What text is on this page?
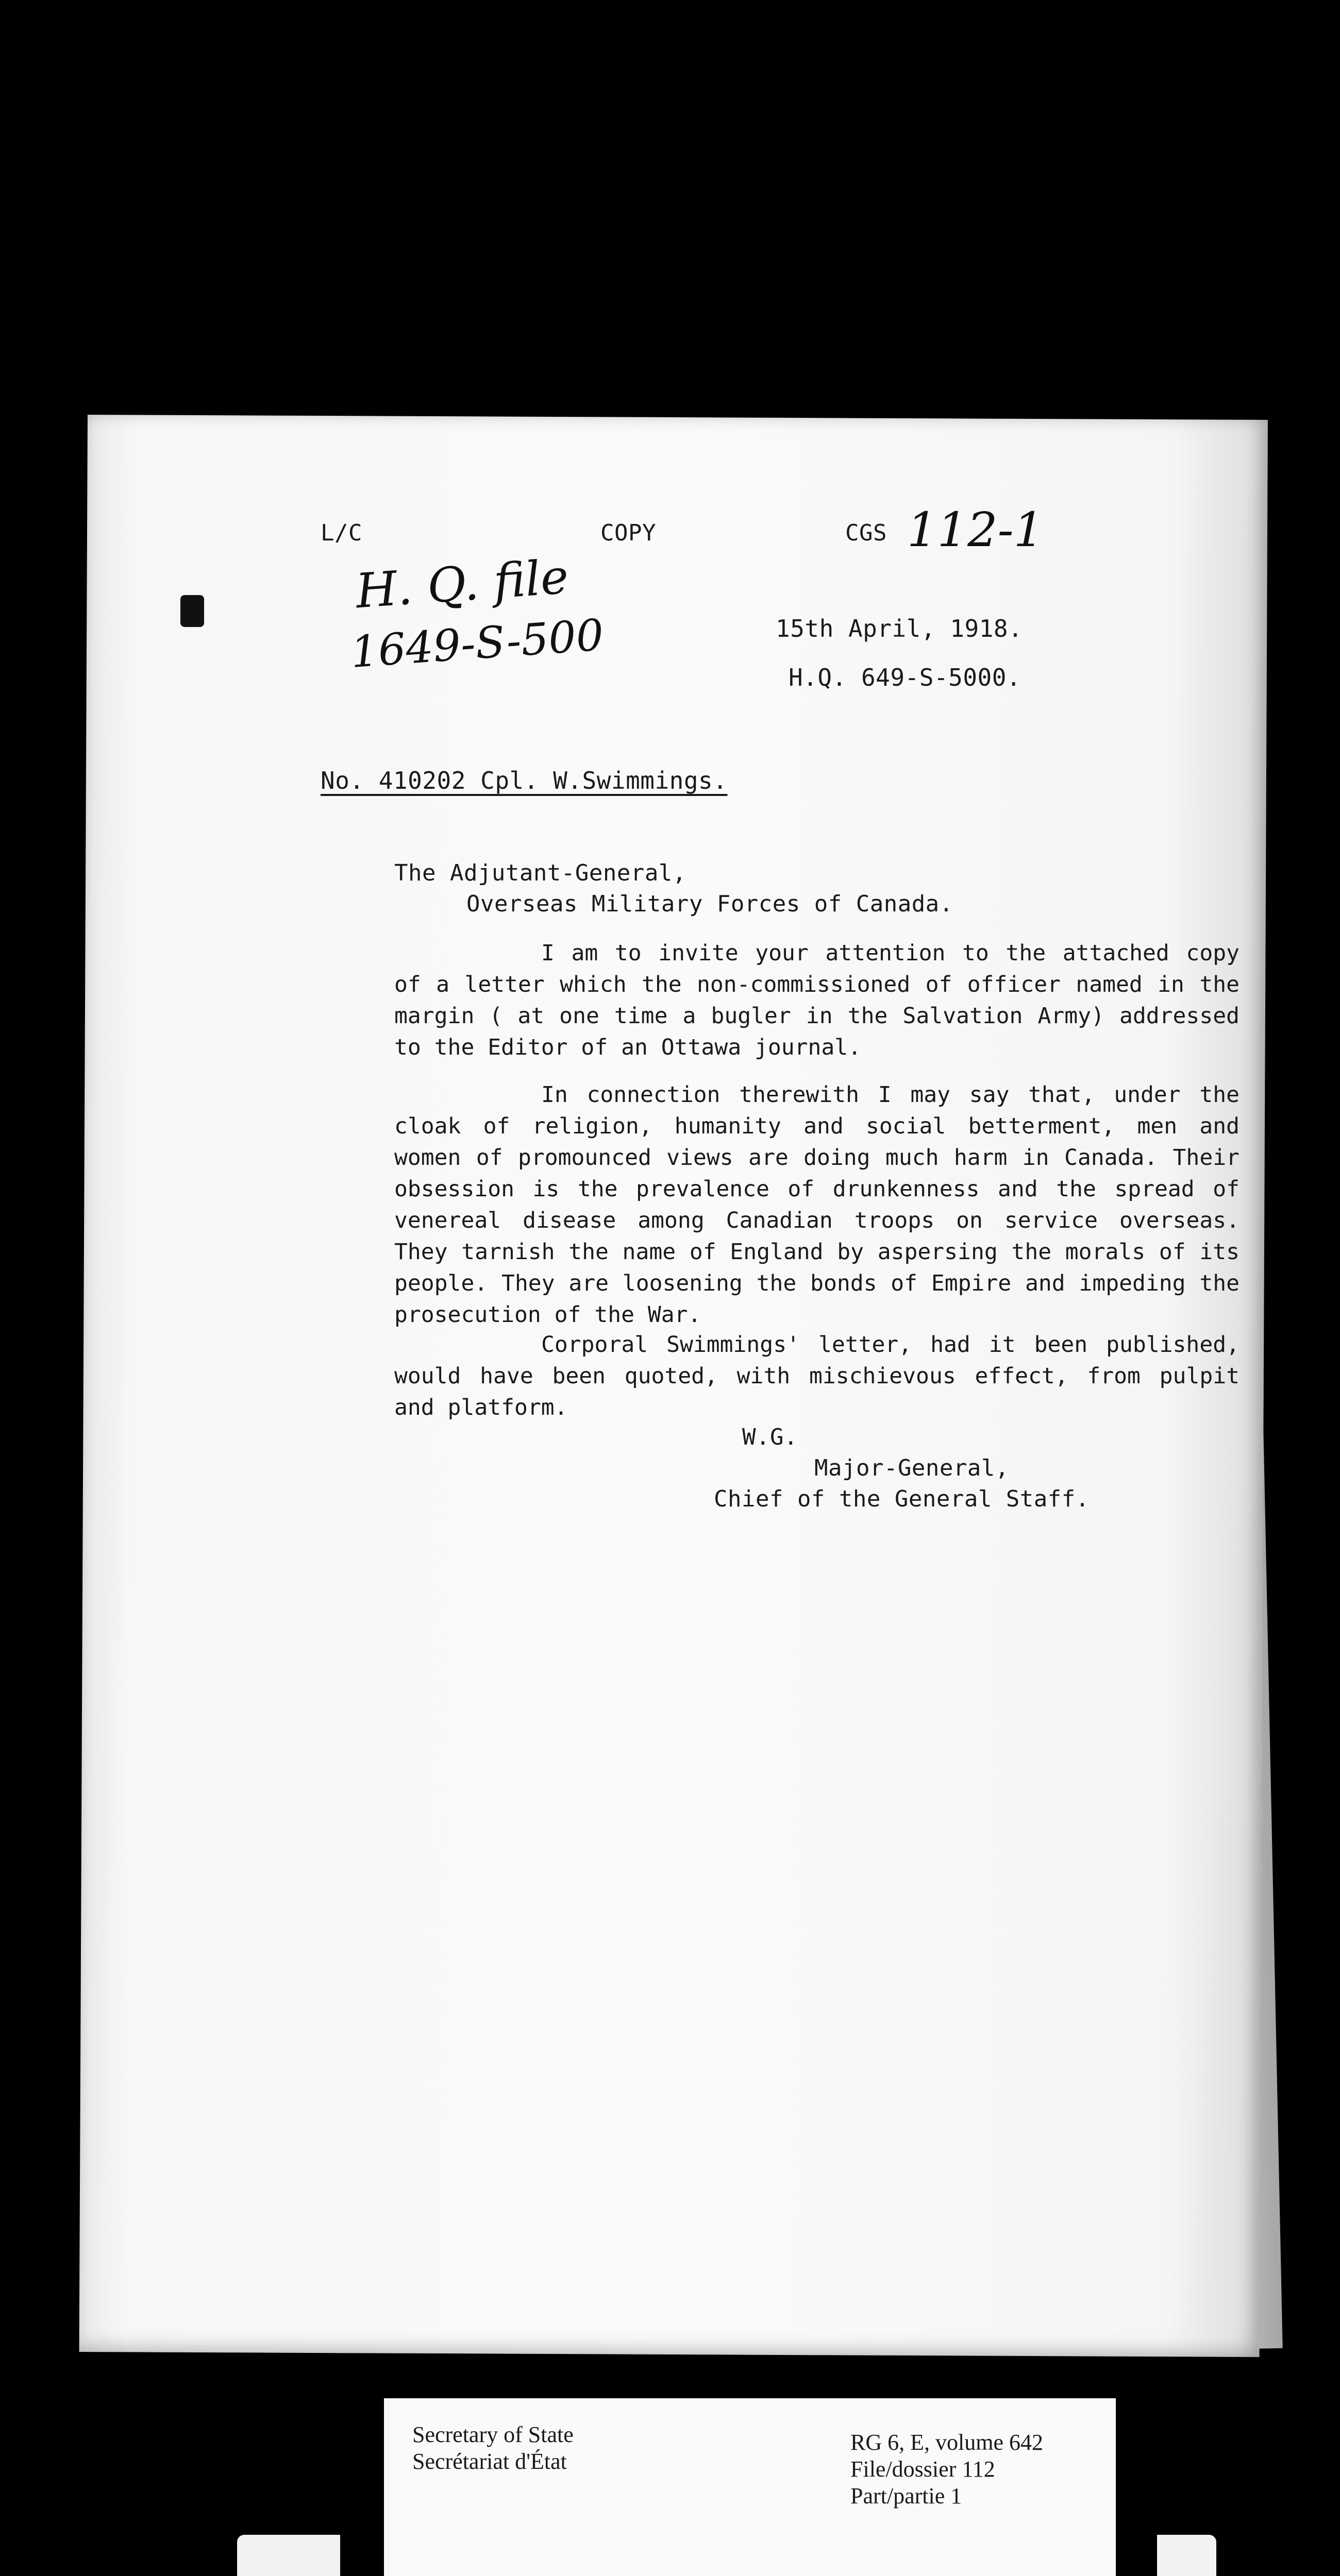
L/C	COPY	CGS 112-1
H. Q. file
1649-S-500	15th April, 1918.
H.Q. 649-S-5000.
No. 410202 Cpl. W.Swimmings.
The Adjutant-General,
Overseas Military Forces of Canada.

I am to invite your attention to the attached copy of a letter which the non-commissioned of officer named in the margin ( at one time a bugler in the Salvation Army) addressed to the Editor of an Ottawa journal.

In connection therewith I may say that, under the cloak of religion, humanity and social betterment, men and women of promounced views are doing much harm in Canada. Their obsession is the prevalence of drunkenness and the spread of venereal disease among Canadian troops on service overseas. They tarnish the name of England by aspersing the morals of its people. They are loosening the bonds of Empire and impeding the prosecution of the War.

Corporal Swimmings' letter, had it been published, would have been quoted, with mischievous effect, from pulpit and platform.

W.G.
Major-General,
Chief of the General Staff.
Secretary of State
Secrétariat d'État
RG 6, E, volume 642
File/dossier 112
Part/partie 1
